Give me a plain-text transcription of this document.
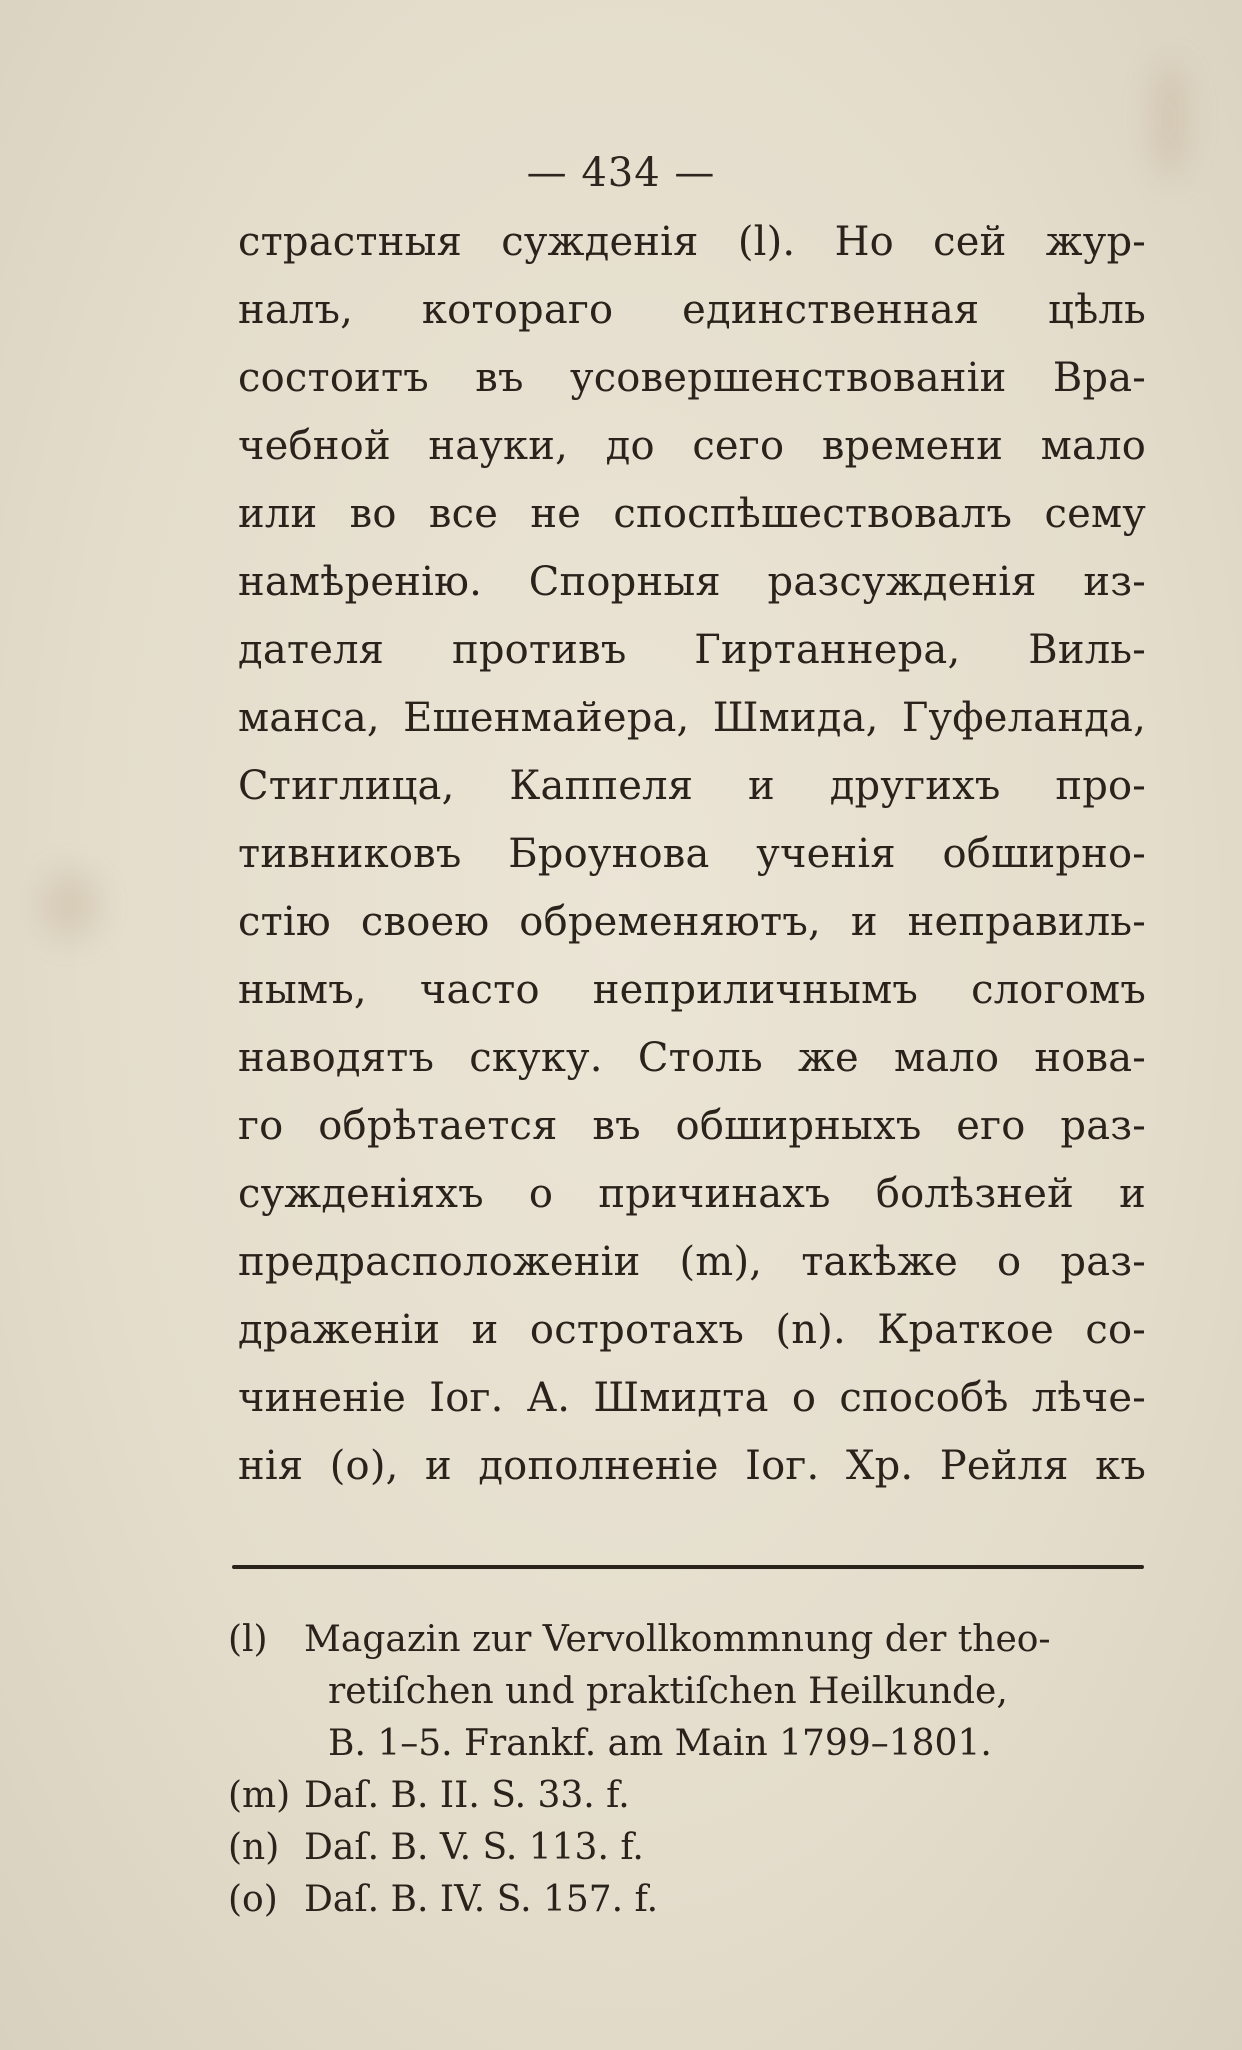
— 434 —
страстныя сужденія (l). Но сей жур-
налъ, котораго единственная цѣль
состоитъ въ усовершенствованіи Вра-
чебной науки, до сего времени мало
или во все не споспѣшествовалъ сему
намѣренію. Спорныя разсужденія из-
дателя противъ Гиртаннера, Виль-
манса, Ешенмайера, Шмида, Гуфеланда,
Стиглица, Каппеля и другихъ про-
тивниковъ Броунова ученія обширно-
стію своею обременяютъ, и неправиль-
нымъ, часто неприличнымъ слогомъ
наводятъ скуку. Столь же мало нова-
го обрѣтается въ обширныхъ его раз-
сужденіяхъ о причинахъ болѣзней и
предрасположеніи (m), такѣже о раз-
драженіи и остротахъ (n). Краткое со-
чиненіе Іог. А. Шмидта о способѣ лѣче-
нія (o), и дополненіе Іог. Хр. Рейля къ
(l)	Magazin zur Vervollkommnung der theo-
retiſchen und praktiſchen Heilkunde,
B. 1–5. Frankf. am Main 1799–1801.
(m) Daſ. B. II. S. 33. f.
(n) Daſ. B. V. S. 113. f.
(o) Daſ. B. IV. S. 157. f.
